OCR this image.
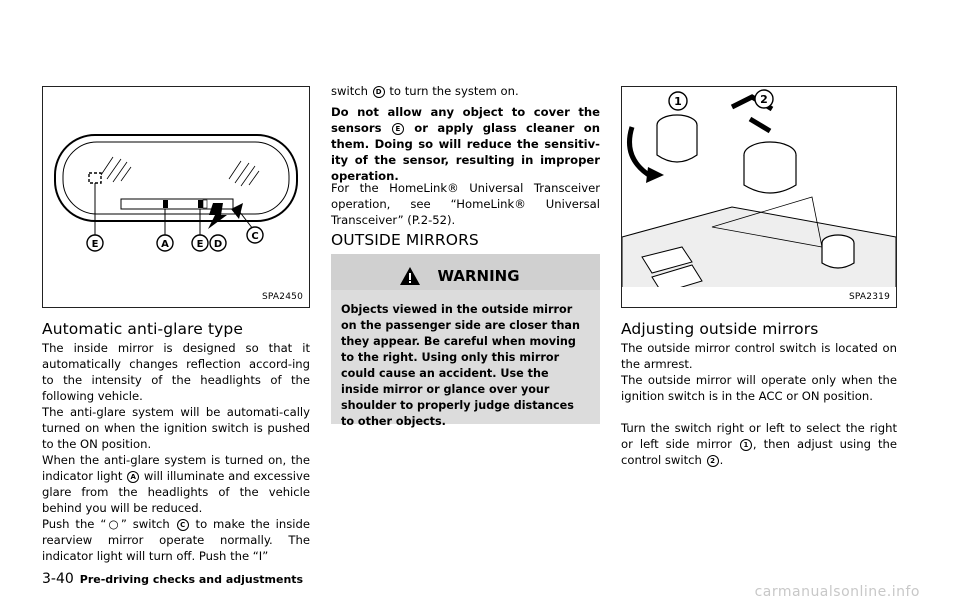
E	A	E D
C
SPA2450
Automatic anti-glare type

The inside mirror is designed so that it automatically changes reflection accord-ing to the intensity of the headlights of the following vehicle.

The anti-glare system will be automati-cally turned on when the ignition switch is pushed to the ON position.

When the anti-glare system is turned on, the indicator light A will illuminate and excessive glare from the headlights of the vehicle behind you will be reduced.

Push the “○” switch C to make the inside rearview mirror operate normally. The indicator light will turn off. Push the “I”

switch D to turn the system on.

Do not allow any object to cover the sensors E or apply glass cleaner on them. Doing so will reduce the sensitiv-ity of the sensor, resulting in improper operation.

For the HomeLink® Universal Transceiver operation, see “HomeLink® Universal Transceiver” (P.2-52).

OUTSIDE MIRRORS
WARNING

Objects viewed in the outside mirror on the passenger side are closer than they appear. Be careful when moving to the right. Using only this mirror could cause an accident. Use the inside mirror or glance over your shoulder to properly judge distances to other objects.

1	2
SPA2319
Adjusting outside mirrors

The outside mirror control switch is located on the armrest.

The outside mirror will operate only when the ignition switch is in the ACC or ON position.

Turn the switch right or left to select the right or left side mirror 1 , then adjust using the control switch 2 .

3-40 Pre-driving checks and adjustments
carmanualsonline.info
